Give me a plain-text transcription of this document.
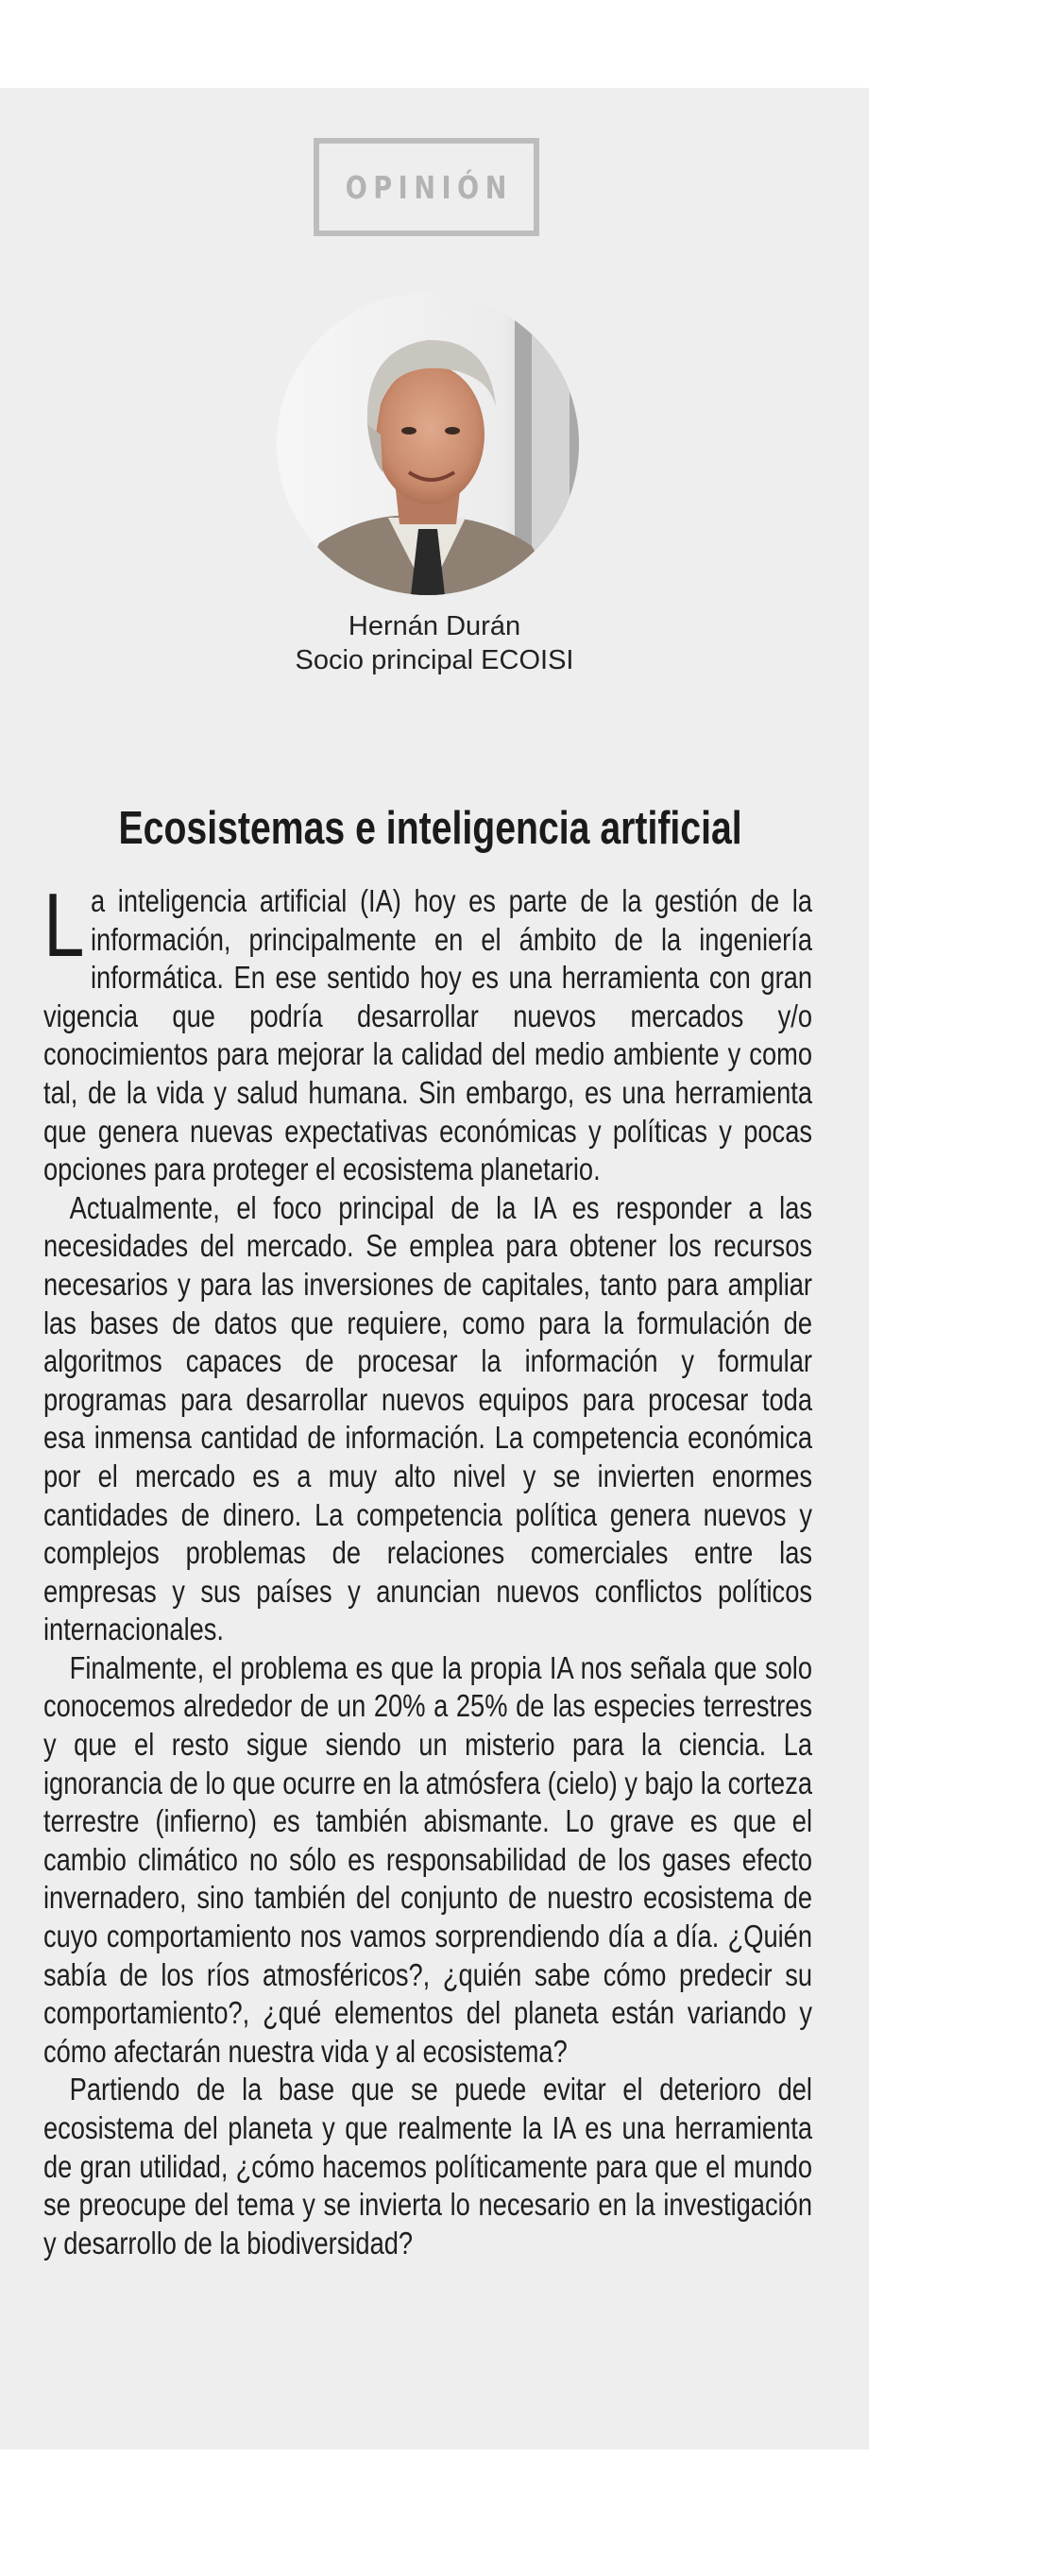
OPINIÓN
Hernán Durán
Socio principal ECOISI
Ecosistemas e inteligencia artificial

La inteligencia artificial (IA) hoy es parte de la gestión de la información, principalmente en el ámbito de la ingeniería informática. En ese sentido hoy es una herramienta con gran vigencia que podría desarrollar nuevos mercados y/o conocimientos para mejorar la calidad del medio ambiente y como tal, de la vida y salud humana. Sin embargo, es una herramienta que genera nuevas expectativas económicas y políticas y pocas opciones para proteger el ecosistema planetario.

Actualmente, el foco principal de la IA es responder a las necesidades del mercado. Se emplea para obtener los recursos necesarios y para las inversiones de capitales, tanto para ampliar las bases de datos que requiere, como para la formulación de algoritmos capaces de procesar la información y formular programas para desarrollar nuevos equipos para procesar toda esa inmensa cantidad de información. La competencia económica por el mercado es a muy alto nivel y se invierten enormes cantidades de dinero. La competencia política genera nuevos y complejos problemas de relaciones comerciales entre las empresas y sus países y anuncian nuevos conflictos políticos internacionales.

Finalmente, el problema es que la propia IA nos señala que solo conocemos alrededor de un 20% a 25% de las especies terrestres y que el resto sigue siendo un misterio para la ciencia. La ignorancia de lo que ocurre en la atmósfera (cielo) y bajo la corteza terrestre (infierno) es también abismante. Lo grave es que el cambio climático no sólo es responsabilidad de los gases efecto invernadero, sino también del conjunto de nuestro ecosistema de cuyo comportamiento nos vamos sorprendiendo día a día. ¿Quién sabía de los ríos atmosféricos?, ¿quién sabe cómo predecir su comportamiento?, ¿qué elementos del planeta están variando y cómo afectarán nuestra vida y al ecosistema?

Partiendo de la base que se puede evitar el deterioro del ecosistema del planeta y que realmente la IA es una herramienta de gran utilidad, ¿cómo hacemos políticamente para que el mundo se preocupe del tema y se invierta lo necesario en la investigación y desarrollo de la biodiversidad?
